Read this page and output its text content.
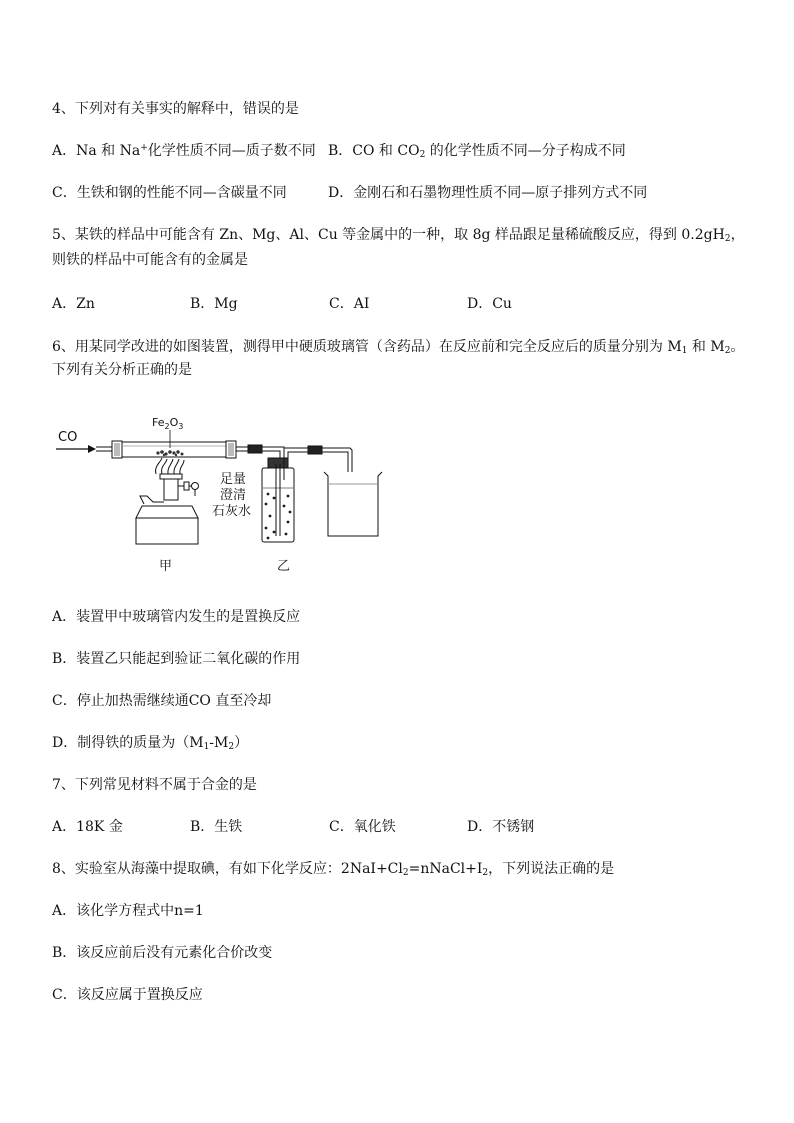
4、下列对有关事实的解释中，错误的是
A．Na 和 Na+化学性质不同—质子数不同 B．CO 和 $CO_2$ 的化学性质不同—分子构成不同
C．生铁和钢的性能不同—含碳量不同	D．金刚石和石墨物理性质不同—原子排列方式不同
5、某铁的样品中可能含有 Zn、Mg、Al、Cu 等金属中的一种，取 8g 样品跟足量稀硫酸反应，得到 $0.2gH_2$，
则铁的样品中可能含有的金属是
A．Zn	B．Mg	C．AI	D．Cu
6、用某同学改进的如图装置，测得甲中硬质玻璃管（含药品）在反应前和完全反应后的质量分别为 $M_1$ 和 $M_2$。
下列有关分析正确的是
CO
$Fe_2O_3$
足量
澄清
石灰水
甲	乙
A．装置甲中玻璃管内发生的是置换反应
B．装置乙只能起到验证二氧化碳的作用
C．停止加热需继续通CO 直至冷却
D．制得铁的质量为$(M_1-M_2)$
7、下列常见材料不属于合金的是
A．18K 金	B．生铁	C．氧化铁	D．不锈钢
8、实验室从海藻中提取碘，有如下化学反应：$2NaI+Cl_2=nNaCl+I_2$，下列说法正确的是
A．该化学方程式中n=1
B．该反应前后没有元素化合价改变
C．该反应属于置换反应
